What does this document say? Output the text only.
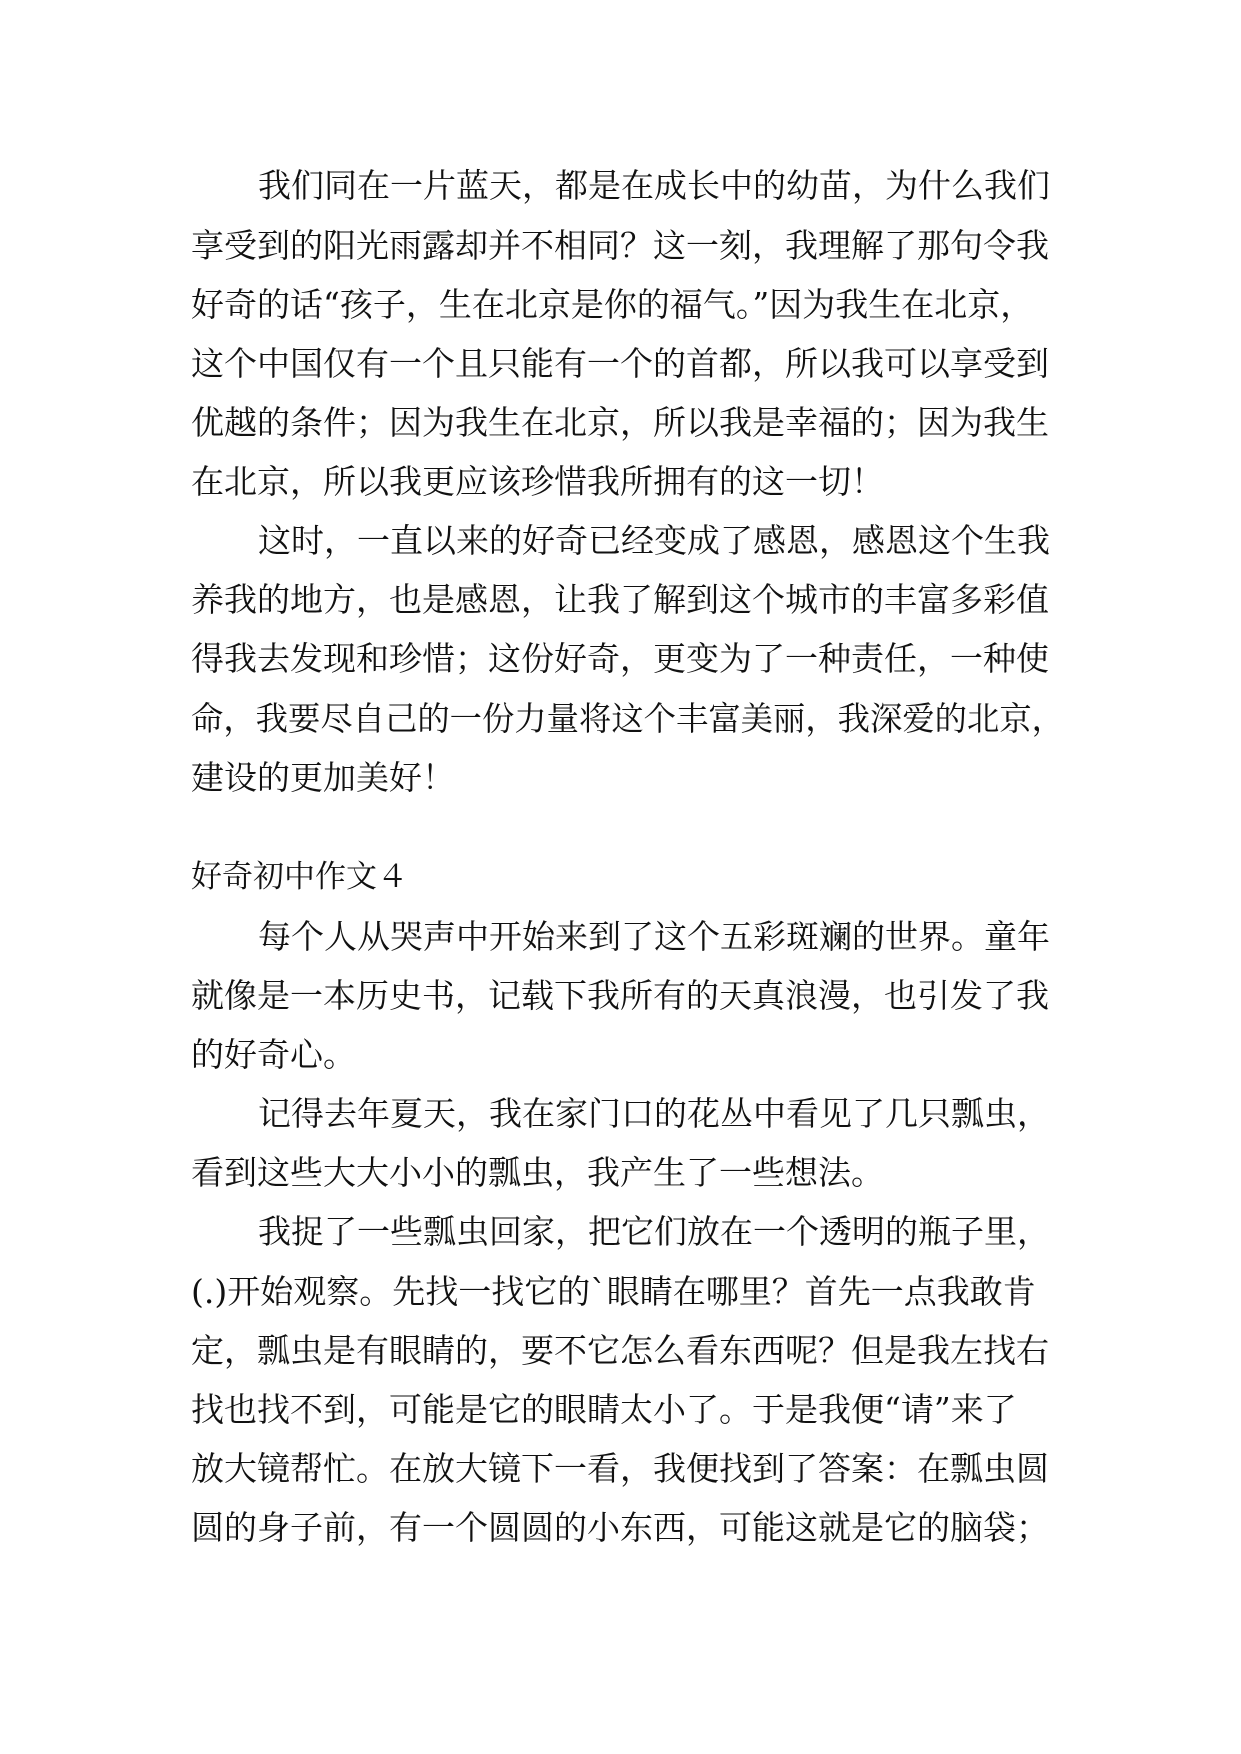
我们同在一片蓝天，都是在成长中的幼苗，为什么我们

享受到的阳光雨露却并不相同？这一刻，我理解了那句令我

好奇的话“孩子，生在北京是你的福气。”因为我生在北京，

这个中国仅有一个且只能有一个的首都，所以我可以享受到

优越的条件；因为我生在北京，所以我是幸福的；因为我生

在北京，所以我更应该珍惜我所拥有的这一切！

这时，一直以来的好奇已经变成了感恩，感恩这个生我

养我的地方，也是感恩，让我了解到这个城市的丰富多彩值

得我去发现和珍惜；这份好奇，更变为了一种责任，一种使

命，我要尽自己的一份力量将这个丰富美丽，我深爱的北京，

建设的更加美好！

好奇初中作文４

每个人从哭声中开始来到了这个五彩斑斓的世界。童年

就像是一本历史书，记载下我所有的天真浪漫，也引发了我

的好奇心。

记得去年夏天，我在家门口的花丛中看见了几只瓢虫，

看到这些大大小小的瓢虫，我产生了一些想法。

我捉了一些瓢虫回家，把它们放在一个透明的瓶子里，

(.)开始观察。先找一找它的`眼睛在哪里？首先一点我敢肯

定，瓢虫是有眼睛的，要不它怎么看东西呢？但是我左找右

找也找不到，可能是它的眼睛太小了。于是我便“请”来了

放大镜帮忙。在放大镜下一看，我便找到了答案：在瓢虫圆

圆的身子前，有一个圆圆的小东西，可能这就是它的脑袋；
